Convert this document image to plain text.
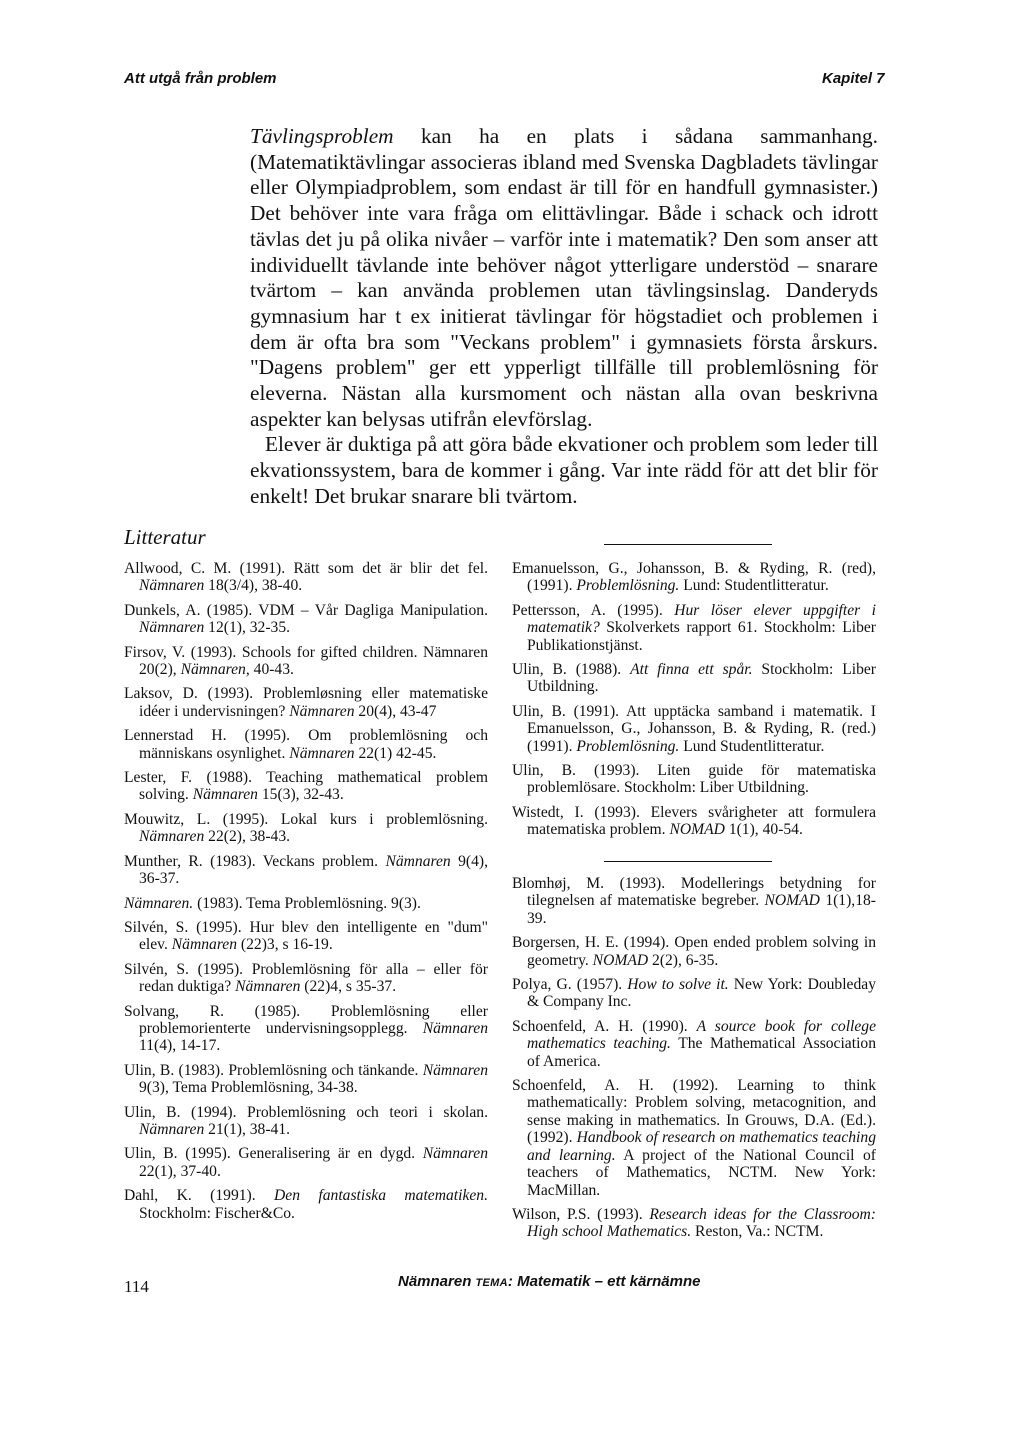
Att utgå från problem	Kapitel 7

Tävlingsproblem kan ha en plats i sådana sammanhang. (Matematiktävlingar associeras ibland med Svenska Dagbladets tävlingar eller Olympiadproblem, som endast är till för en handfull gymnasister.) Det behöver inte vara fråga om elittävlingar. Både i schack och idrott tävlas det ju på olika nivåer – varför inte i matematik? Den som anser att individuellt tävlande inte behöver något ytterligare understöd – snarare tvärtom – kan använda problemen utan tävlingsinslag. Danderyds gymnasium har t ex initierat tävlingar för högstadiet och problemen i dem är ofta bra som "Veckans problem" i gymnasiets första årskurs. "Dagens problem" ger ett ypperligt tillfälle till problemlösning för eleverna. Nästan alla kursmoment och nästan alla ovan beskrivna aspekter kan belysas utifrån elevförslag.

Elever är duktiga på att göra både ekvationer och problem som leder till ekvationssystem, bara de kommer i gång. Var inte rädd för att det blir för enkelt! Det brukar snarare bli tvärtom.

Litteratur

Allwood, C. M. (1991). Rätt som det är blir det fel. Nämnaren 18(3/4), 38-40.

Dunkels, A. (1985). VDM – Vår Dagliga Manipulation. Nämnaren 12(1), 32-35.

Firsov, V. (1993). Schools for gifted children. Nämnaren 20(2), Nämnaren, 40-43.

Laksov, D. (1993). Problemløsning eller matematiske idéer i undervisningen? Nämnaren 20(4), 43-47

Lennerstad H. (1995). Om problemlösning och människans osynlighet. Nämnaren 22(1) 42-45.

Lester, F. (1988). Teaching mathematical problem solving. Nämnaren 15(3), 32-43.

Mouwitz, L. (1995). Lokal kurs i problemlösning. Nämnaren 22(2), 38-43.

Munther, R. (1983). Veckans problem. Nämnaren 9(4), 36-37.

Nämnaren. (1983). Tema Problemlösning. 9(3).

Silvén, S. (1995). Hur blev den intelligente en "dum" elev. Nämnaren (22)3, s 16-19.

Silvén, S. (1995). Problemlösning för alla – eller för redan duktiga? Nämnaren (22)4, s 35-37.

Solvang, R. (1985). Problemlösning eller problemorienterte undervisningsopplegg. Nämnaren 11(4), 14-17.

Ulin, B. (1983). Problemlösning och tänkande. Nämnaren 9(3), Tema Problemlösning, 34-38.

Ulin, B. (1994). Problemlösning och teori i skolan. Nämnaren 21(1), 38-41.

Ulin, B. (1995). Generalisering är en dygd. Nämnaren 22(1), 37-40.

Dahl, K. (1991). Den fantastiska matematiken. Stockholm: Fischer&Co.

Emanuelsson, G., Johansson, B. & Ryding, R. (red), (1991). Problemlösning. Lund: Studentlitteratur.

Pettersson, A. (1995). Hur löser elever uppgifter i matematik? Skolverkets rapport 61. Stockholm: Liber Publikationstjänst.

Ulin, B. (1988). Att finna ett spår. Stockholm: Liber Utbildning.

Ulin, B. (1991). Att upptäcka samband i matematik. I Emanuelsson, G., Johansson, B. & Ryding, R. (red.) (1991). Problemlösning. Lund Studentlitteratur.

Ulin, B. (1993). Liten guide för matematiska problemlösare. Stockholm: Liber Utbildning.

Wistedt, I. (1993). Elevers svårigheter att formulera matematiska problem. NOMAD 1(1), 40-54.

Blomhøj, M. (1993). Modellerings betydning for tilegnelsen af matematiske begreber. NOMAD 1(1),18-39.

Borgersen, H. E. (1994). Open ended problem solving in geometry. NOMAD 2(2), 6-35.

Polya, G. (1957). How to solve it. New York: Doubleday & Company Inc.

Schoenfeld, A. H. (1990). A source book for college mathematics teaching. The Mathematical Association of America.

Schoenfeld, A. H. (1992). Learning to think mathematically: Problem solving, metacognition, and sense making in mathematics. In Grouws, D.A. (Ed.). (1992). Handbook of research on mathematics teaching and learning. A project of the National Council of teachers of Mathematics, NCTM. New York: MacMillan.

Wilson, P.S. (1993). Research ideas for the Classroom: High school Mathematics. Reston, Va.: NCTM.

114	Nämnaren TEMA: Matematik – ett kärnämne
